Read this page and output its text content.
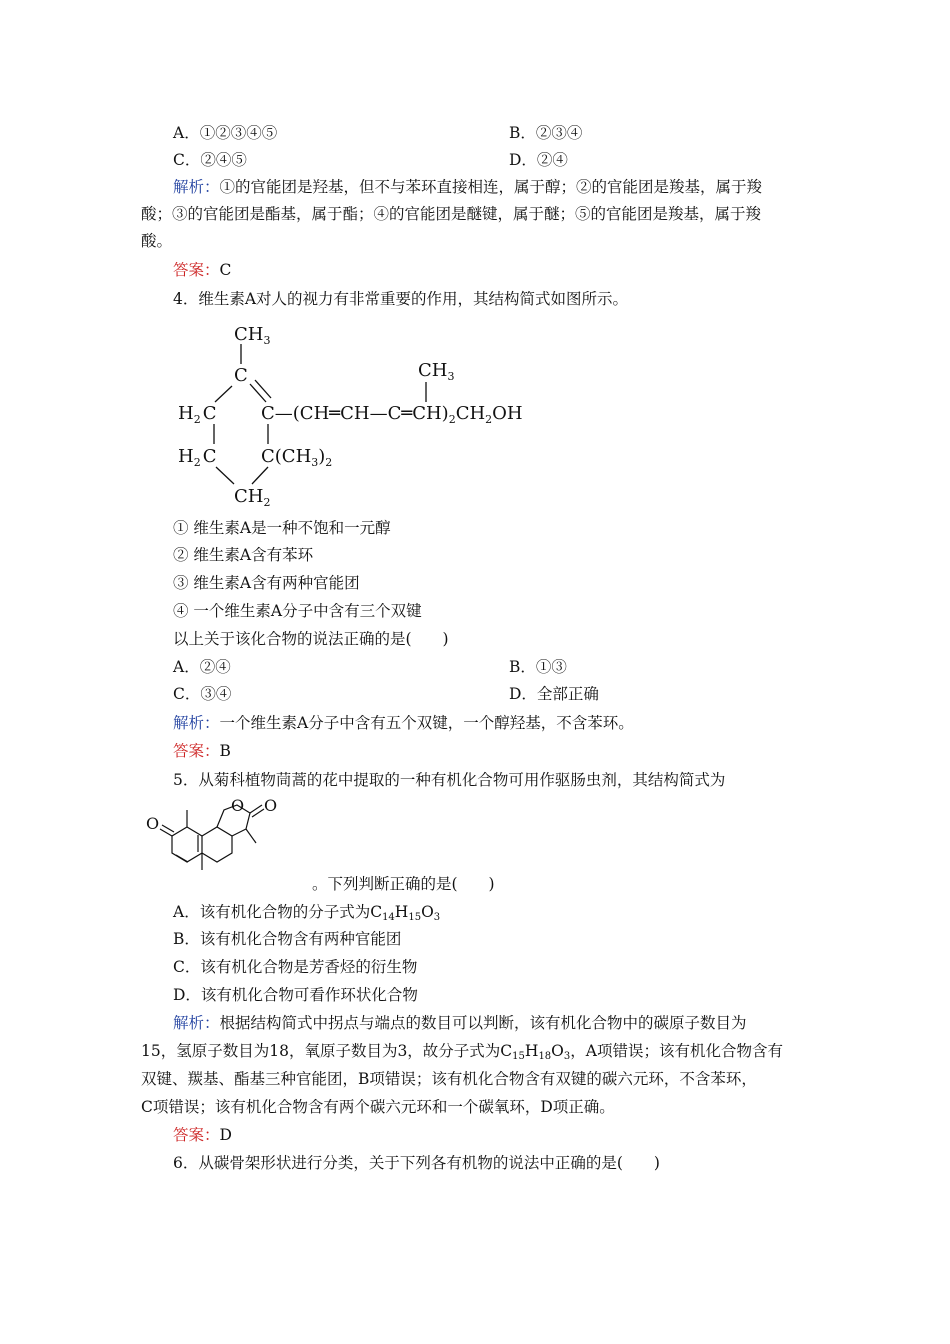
A．①②③④⑤	B．②③④
C．②④⑤	D．②④
解析：①的官能团是羟基，但不与苯环直接相连，属于醇；②的官能团是羧基，属于羧
酸；③的官能团是酯基，属于酯；④的官能团是醚键，属于醚；⑤的官能团是羧基，属于羧
酸。
答案：C
4．维生素A对人的视力有非常重要的作用，其结构简式如图所示。
$CH_3$
C
$H_2$ C $C—(CH═CH—C═CH)_2CH_2OH$
$CH_3$
$H_2$ C $C(CH_3)_2$
$CH_2$
① 维生素A是一种不饱和一元醇
② 维生素A含有苯环
③ 维生素A含有两种官能团
④ 一个维生素A分子中含有三个双键
以上关于该化合物的说法正确的是(　　)
A．②④	B．①③
C．③④	D．全部正确
解析：一个维生素A分子中含有五个双键，一个醇羟基，不含苯环。
答案：B
5．从菊科植物茼蒿的花中提取的一种有机化合物可用作驱肠虫剂，其结构简式为
O
O O
。下列判断正确的是(　　)
A．该有机化合物的分子式为$C_{14}H_{15}O_3$
B．该有机化合物含有两种官能团
C．该有机化合物是芳香烃的衍生物
D．该有机化合物可看作环状化合物
解析：根据结构简式中拐点与端点的数目可以判断，该有机化合物中的碳原子数目为
15，氢原子数目为18，氧原子数目为3，故分子式为$C_{15}H_{18}O_3$，A项错误；该有机化合物含有
双键、羰基、酯基三种官能团，B项错误；该有机化合物含有双键的碳六元环，不含苯环，
C项错误；该有机化合物含有两个碳六元环和一个碳氧环，D项正确。
答案：D
6．从碳骨架形状进行分类，关于下列各有机物的说法中正确的是(　　)
